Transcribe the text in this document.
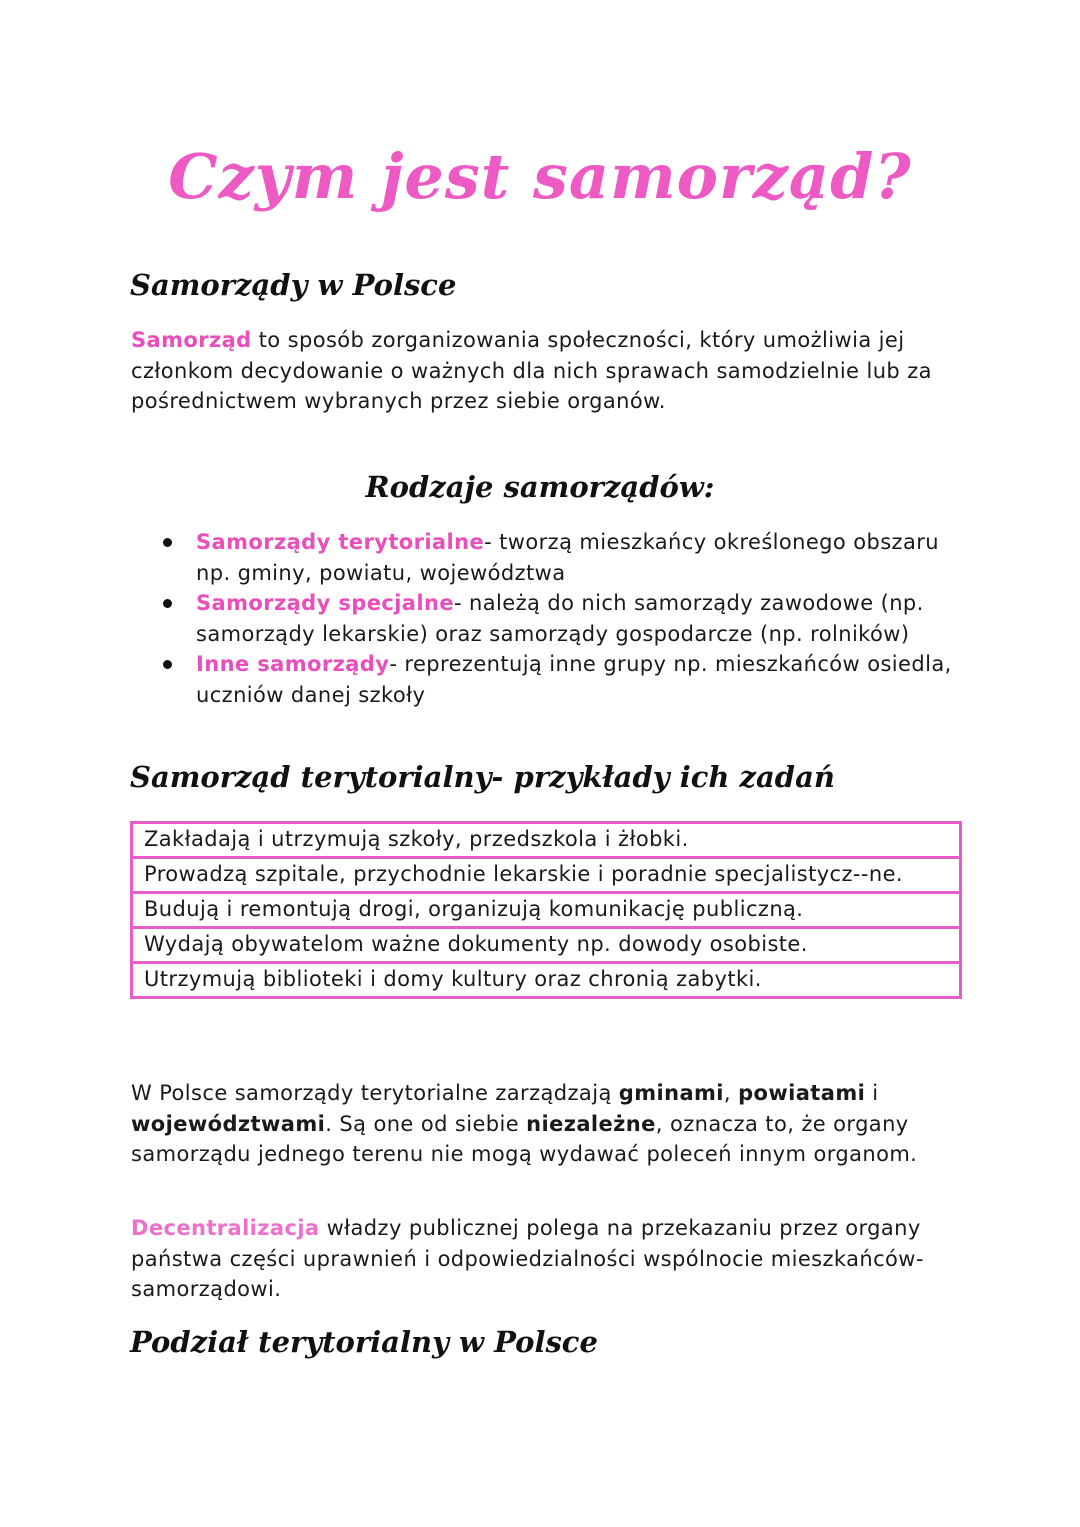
Czym jest samorząd?
Samorządy w Polsce

Samorząd to sposób zorganizowania społeczności, który umożliwia jej członkom decydowanie o ważnych dla nich sprawach samodzielnie lub za pośrednictwem wybranych przez siebie organów.

Rodzaje samorządów:
Samorządy terytorialne- tworzą mieszkańcy określonego obszaru np. gminy, powiatu, województwa
Samorządy specjalne- należą do nich samorządy zawodowe (np. samorządy lekarskie) oraz samorządy gospodarcze (np. rolników)
Inne samorządy- reprezentują inne grupy np. mieszkańców osiedla, uczniów danej szkoły
Samorząd terytorialny- przykłady ich zadań
Zakładają i utrzymują szkoły, przedszkola i żłobki.
Prowadzą szpitale, przychodnie lekarskie i poradnie specjalistycz--ne.
Budują i remontują drogi, organizują komunikację publiczną.
Wydają obywatelom ważne dokumenty np. dowody osobiste.
Utrzymują biblioteki i domy kultury oraz chronią zabytki.

W Polsce samorządy terytorialne zarządzają gminami, powiatami i województwami. Są one od siebie niezależne, oznacza to, że organy samorządu jednego terenu nie mogą wydawać poleceń innym organom.

Decentralizacja władzy publicznej polega na przekazaniu przez organy państwa części uprawnień i odpowiedzialności wspólnocie mieszkańców- samorządowi.

Podział terytorialny w Polsce
